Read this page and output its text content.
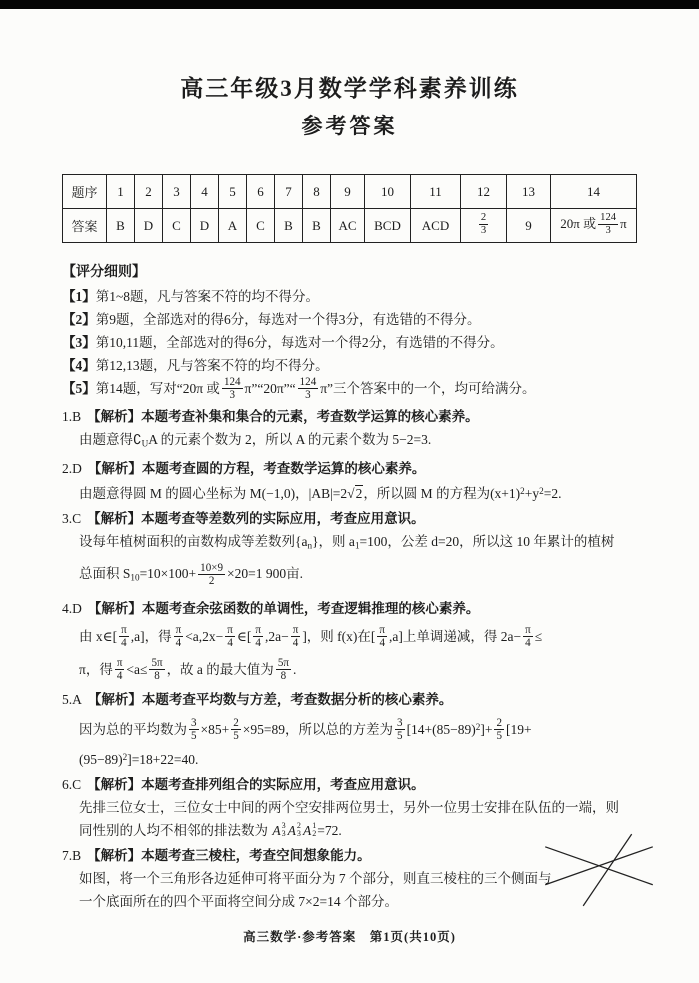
高三年级3月数学学科素养训练
参考答案
题序	1	2	3	4	5	6	7	8	9	10	11	12	13	14
答案	B	D	C	D	A	C	B	B	AC	BCD	ACD	$\frac{2}{3}$	9	20π 或 $\frac{124}{3}$ π
【评分细则】
【1】第1~8题，凡与答案不符的均不得分。
【2】第9题，全部选对的得6分，每选对一个得3分，有选错的不得分。
【3】第10,11题，全部选对的得6分，每选对一个得2分，有选错的不得分。
【4】第12,13题，凡与答案不符的均不得分。
【5】第14题，写对“20π 或 $\frac{124}{3}$ π”“20π”“ $\frac{124}{3} \pi$”三个答案中的一个，均可给满分。
1.B 【解析】本题考查补集和集合的元素，考查数学运算的核心素养。
由题意得$∁_UA$ 的元素个数为 2，所以 A 的元素个数为 5−2=3.
2.D 【解析】本题考查圆的方程，考查数学运算的核心素养。
由题意得圆 M 的圆心坐标为 M(−1,0)，|AB|=2√2，所以圆 M 的方程为$(x+1)^2+y^2=2$.
3.C 【解析】本题考查等差数列的实际应用，考查应用意识。
设每年植树面积的亩数构成等差数列$\{a_n\}$，则 $a_1=100$，公差 d=20，所以这 10 年累计的植树
总面积 $S_{10}=10\times 100+ \frac{10\times 9}{2} \times 20=1$ 900亩.
4.D 【解析】本题考查余弦函数的单调性，考查逻辑推理的核心素养。
由 x∈[ $\frac{\pi}{4} ,a$]，得 $\frac{\pi}{4} <a,2x- \frac{\pi}{4}$ ∈[ $\frac{\pi}{4} ,2a- \frac{\pi}{4}$ ]，则 f(x)在[ $\frac{\pi}{4} ,a$]上单调递减，得 $2a- \frac{\pi}{4}$ ≤
π，得 $\frac{\pi}{4} <a\le \frac{5\pi}{8}$ ，故 a 的最大值为 $\frac{5\pi}{8}$ .
5.A 【解析】本题考查平均数与方差，考查数据分析的核心素养。
因为总的平均数为 $\frac{3}{5} \times 85+ \frac{2}{5} \times 95=89$，所以总的方差为 $\frac{3}{5} [14+(85-89)^2]+ \frac{2}{5} [19+$
$(95-89)^2]=18+22=40$.
6.C 【解析】本题考查排列组合的实际应用，考查应用意识。
先排三位女士，三位女士中间的两个空安排两位男士，另外一位男士安排在队伍的一端，则
同性别的人均不相邻的排法数为 A 3
3 A 2
3 A 1
2 =72.
7.B 【解析】本题考查三棱柱，考查空间想象能力。
如图，将一个三角形各边延伸可将平面分为 7 个部分，则直三棱柱的三个侧面与
一个底面所在的四个平面将空间分成 7×2=14 个部分。
高三数学·参考答案　第1页(共10页)
